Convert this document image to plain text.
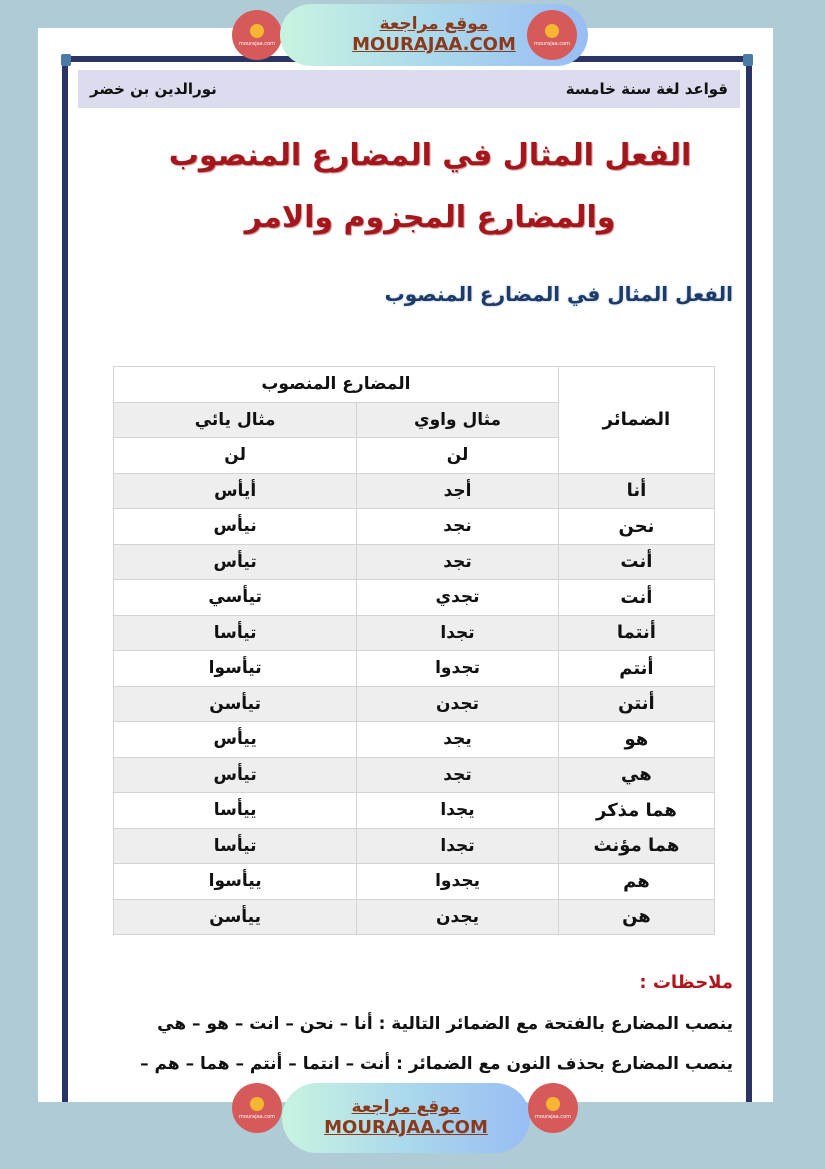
قواعد لغة سنة خامسة
نورالدين بن خضر
الفعل المثال في المضارع المنصوب
والمضارع المجزوم والامر
الفعل المثال في المضارع المنصوب
الضمائر	المضارع المنصوب	
	مثال واوي	مثال يائي
	لن	لن
أنا	أجد	أيأس
نحن	نجد	نيأس
أنت	تجد	تيأس
أنت	تجدي	تيأسي
أنتما	تجدا	تيأسا
أنتم	تجدوا	تيأسوا
أنتن	تجدن	تيأسن
هو	يجد	ييأس
هي	تجد	تيأس
هما مذكر	يجدا	ييأسا
هما مؤنث	تجدا	تيأسا
هم	يجدوا	ييأسوا
هن	يجدن	ييأسن
ملاحظات :
ينصب المضارع بالفتحة مع الضمائر التالية : أنا – نحن – انت – هو – هي
ينصب المضارع بحذف النون مع الضمائر : أنت – انتما – أنتم – هما – هم –
mourajaa.com
موقع مراجعة
MOURAJAA.COM	mourajaa.com
mourajaa.com	موقع مراجعة
MOURAJAA.COM
mourajaa.com
